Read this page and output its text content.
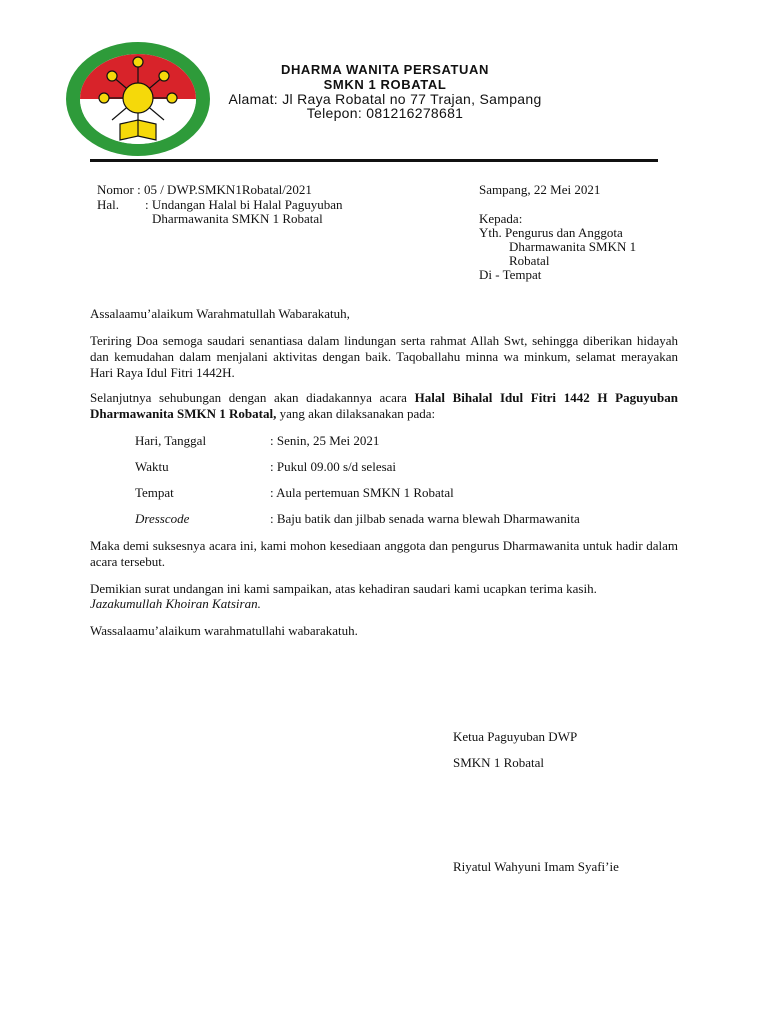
DHARMA WANITA PERSATUAN
SMKN 1 ROBATAL
Alamat: Jl Raya Robatal no 77 Trajan, Sampang
Telepon: 081216278681
Nomor : 05 / DWP.SMKN1Robatal/2021
Hal. : Undangan Halal bi Halal Paguyuban
Dharmawanita SMKN 1 Robatal
Sampang, 22 Mei 2021
Kepada:
Yth. Pengurus dan Anggota
Dharmawanita SMKN 1
Robatal
Di - Tempat
Assalaamu’alaikum Warahmatullah Wabarakatuh,
Teriring Doa semoga saudari senantiasa dalam lindungan serta rahmat Allah Swt, sehingga diberikan hidayah dan kemudahan dalam menjalani aktivitas dengan baik. Taqoballahu minna wa minkum, selamat merayakan Hari Raya Idul Fitri 1442H.
Selanjutnya sehubungan dengan akan diadakannya acara Halal Bihalal Idul Fitri 1442 H Paguyuban Dharmawanita SMKN 1 Robatal, yang akan dilaksanakan pada:
Hari, Tanggal	: Senin, 25 Mei 2021
Waktu	: Pukul 09.00 s/d selesai
Tempat	: Aula pertemuan SMKN 1 Robatal
Dresscode	: Baju batik dan jilbab senada warna blewah Dharmawanita
Maka demi suksesnya acara ini, kami mohon kesediaan anggota dan pengurus Dharmawanita untuk hadir dalam acara tersebut.
Demikian surat undangan ini kami sampaikan, atas kehadiran saudari kami ucapkan terima kasih.
Jazakumullah Khoiran Katsiran.
Wassalaamu’alaikum warahmatullahi wabarakatuh.
Ketua Paguyuban DWP
SMKN 1 Robatal
Riyatul Wahyuni Imam Syafi’ie
